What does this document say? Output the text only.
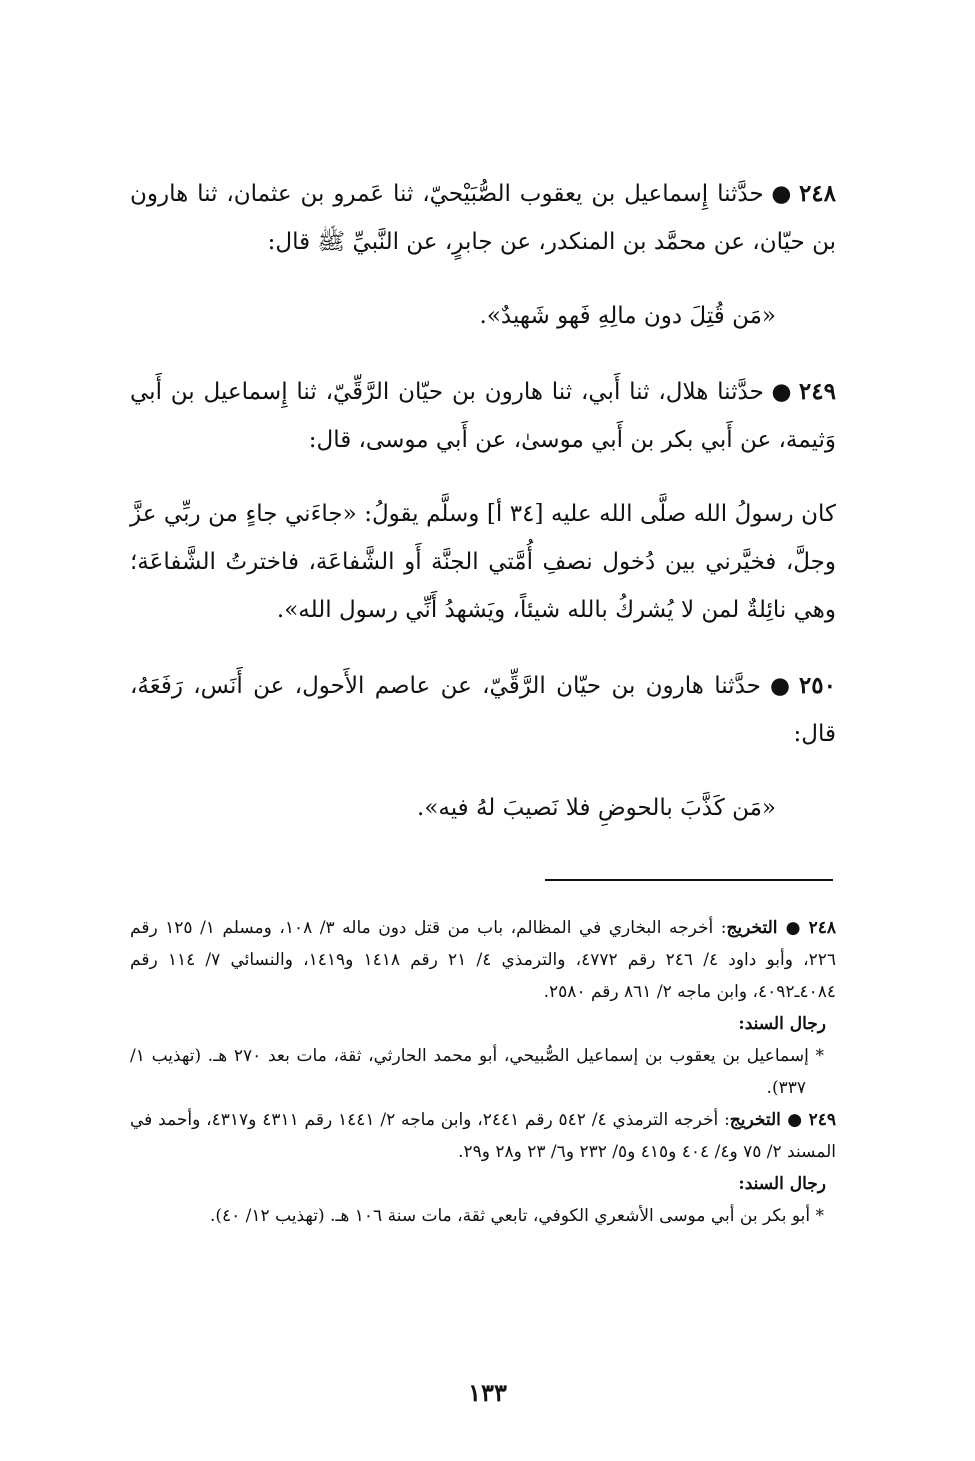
٢٤٨●حدَّثنا إِسماعيل بن يعقوب الصُّبَيْحيّ، ثنا عَمرو بن عثمان، ثنا هارون بن حيّان، عن محمَّد بن المنكدر، عن جابرٍ، عن النَّبيِّ ﷺ قال:

«مَن قُتِلَ دون مالِهِ فَهو شَهيدٌ».

٢٤٩●حدَّثنا هلال، ثنا أَبي، ثنا هارون بن حيّان الرَّقِّيّ، ثنا إِسماعيل بن أَبي وَثيمة، عن أَبي بكر بن أَبي موسىٰ، عن أَبي موسى، قال:

كان رسولُ الله صلَّى الله عليه [٣٤ أ] وسلَّم يقولُ: «جاءَني جاءٍ من ربِّي عزَّ وجلَّ، فخيَّرني بين دُخول نصفِ أُمَّتي الجنَّة أَو الشَّفاعَة، فاخترتُ الشَّفاعَة؛ وهي نائِلةٌ لمن لا يُشركُ بالله شيئاً، ويَشهدُ أَنِّي رسول الله».

٢٥٠●حدَّثنا هارون بن حيّان الرَّقِّيّ، عن عاصم الأَحول، عن أَنَس، رَفَعَهُ، قال:

«مَن كَذَّبَ بالحوضِ فلا نَصيبَ لهُ فيه».

٢٤٨●التخريج: أخرجه البخاري في المظالم، باب من قتل دون ماله ٣/ ١٠٨، ومسلم ١/ ١٢٥ رقم ٢٢٦، وأبو داود ٤/ ٢٤٦ رقم ٤٧٧٢، والترمذي ٤/ ٢١ رقم ١٤١٨ و١٤١٩، والنسائي ٧/ ١١٤ رقم ٤٠٨٤ـ٤٠٩٢، وابن ماجه ٢/ ٨٦١ رقم ٢٥٨٠.

رجال السند:

* إسماعيل بن يعقوب بن إسماعيل الصُّبيحي، أبو محمد الحارثي، ثقة، مات بعد ٢٧٠ هـ. (تهذيب ١/ ٣٣٧).

٢٤٩●التخريج: أخرجه الترمذي ٤/ ٥٤٢ رقم ٢٤٤١، وابن ماجه ٢/ ١٤٤١ رقم ٤٣١١ و٤٣١٧، وأحمد في المسند ٢/ ٧٥ و٤/ ٤٠٤ و٤١٥ و٥/ ٢٣٢ و٦/ ٢٣ و٢٨ و٢٩.

رجال السند:

* أبو بكر بن أبي موسى الأشعري الكوفي، تابعي ثقة، مات سنة ١٠٦ هـ. (تهذيب ١٢/ ٤٠).

١٣٣
